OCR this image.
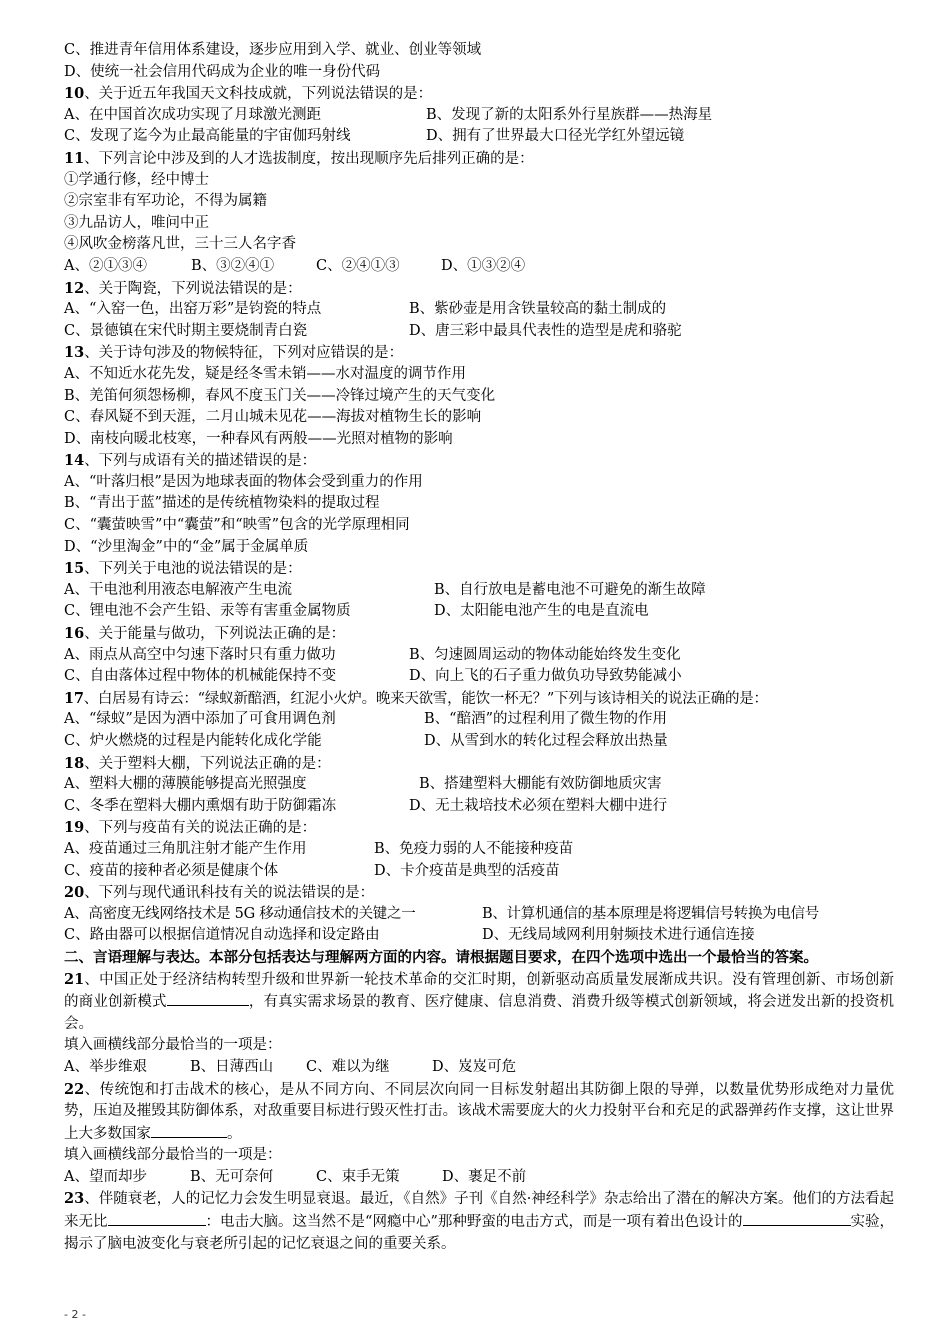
C、推进青年信用体系建设，逐步应用到入学、就业、创业等领域
D、使统一社会信用代码成为企业的唯一身份代码
10、关于近五年我国天文科技成就，下列说法错误的是：
A、在中国首次成功实现了月球激光测距	B、发现了新的太阳系外行星族群——热海星
C、发现了迄今为止最高能量的宇宙伽玛射线	D、拥有了世界最大口径光学红外望远镜
11、下列言论中涉及到的人才选拔制度，按出现顺序先后排列正确的是：
①学通行修，经中博士
②宗室非有军功论，不得为属籍
③九品访人，唯问中正
④风吹金榜落凡世，三十三人名字香
A、②①③④	B、③②④①	C、②④①③	D、①③②④
12、关于陶瓷，下列说法错误的是：
A、“入窑一色，出窑万彩”是钧瓷的特点	B、紫砂壶是用含铁量较高的黏土制成的
C、景德镇在宋代时期主要烧制青白瓷	D、唐三彩中最具代表性的造型是虎和骆驼
13、关于诗句涉及的物候特征，下列对应错误的是：
A、不知近水花先发，疑是经冬雪未销——水对温度的调节作用
B、羌笛何须怨杨柳，春风不度玉门关——冷锋过境产生的天气变化
C、春风疑不到天涯，二月山城未见花——海拔对植物生长的影响
D、南枝向暖北枝寒，一种春风有两般——光照对植物的影响
14、下列与成语有关的描述错误的是：
A、“叶落归根”是因为地球表面的物体会受到重力的作用
B、“青出于蓝”描述的是传统植物染料的提取过程
C、“囊萤映雪”中“囊萤”和“映雪”包含的光学原理相同
D、“沙里淘金”中的“金”属于金属单质
15、下列关于电池的说法错误的是：
A、干电池利用液态电解液产生电流	B、自行放电是蓄电池不可避免的渐生故障
C、锂电池不会产生铅、汞等有害重金属物质	D、太阳能电池产生的电是直流电
16、关于能量与做功，下列说法正确的是：
A、雨点从高空中匀速下落时只有重力做功	B、匀速圆周运动的物体动能始终发生变化
C、自由落体过程中物体的机械能保持不变	D、向上飞的石子重力做负功导致势能减小
17、白居易有诗云：“绿蚁新醅酒，红泥小火炉。晚来天欲雪，能饮一杯无？”下列与该诗相关的说法正确的是：
A、“绿蚁”是因为酒中添加了可食用调色剂	B、“醅酒”的过程利用了微生物的作用
C、炉火燃烧的过程是内能转化成化学能	D、从雪到水的转化过程会释放出热量
18、关于塑料大棚，下列说法正确的是：
A、塑料大棚的薄膜能够提高光照强度	B、搭建塑料大棚能有效防御地质灾害
C、冬季在塑料大棚内熏烟有助于防御霜冻	D、无土栽培技术必须在塑料大棚中进行
19、下列与疫苗有关的说法正确的是：
A、疫苗通过三角肌注射才能产生作用	B、免疫力弱的人不能接种疫苗
C、疫苗的接种者必须是健康个体	D、卡介疫苗是典型的活疫苗
20、下列与现代通讯科技有关的说法错误的是：
A、高密度无线网络技术是 5G 移动通信技术的关键之一	B、计算机通信的基本原理是将逻辑信号转换为电信号
C、路由器可以根据信道情况自动选择和设定路由	D、无线局域网利用射频技术进行通信连接
二、言语理解与表达。本部分包括表达与理解两方面的内容。请根据题目要求，在四个选项中选出一个最恰当的答案。
21、中国正处于经济结构转型升级和世界新一轮技术革命的交汇时期，创新驱动高质量发展渐成共识。没有管理创新、市场创新的商业创新模式	，有真实需求场景的教育、医疗健康、信息消费、消费升级等模式创新领域，将会迸发出新的投资机会。
填入画横线部分最恰当的一项是：
A、举步维艰	B、日薄西山	C、难以为继	D、岌岌可危
22、传统饱和打击战术的核心，是从不同方向、不同层次向同一目标发射超出其防御上限的导弹，以数量优势形成绝对力量优势，压迫及摧毁其防御体系，对敌重要目标进行毁灭性打击。该战术需要庞大的火力投射平台和充足的武器弹药作支撑，这让世界上大多数国家	。
填入画横线部分最恰当的一项是：
A、望而却步	B、无可奈何	C、束手无策	D、裹足不前
23、伴随衰老，人的记忆力会发生明显衰退。最近，《自然》子刊《自然·神经科学》杂志给出了潜在的解决方案。他们的方法看起来无比	：电击大脑。这当然不是“网瘾中心”那种野蛮的电击方式，而是一项有着出色设计的	实验，揭示了脑电波变化与衰老所引起的记忆衰退之间的重要关系。
- 2 -
